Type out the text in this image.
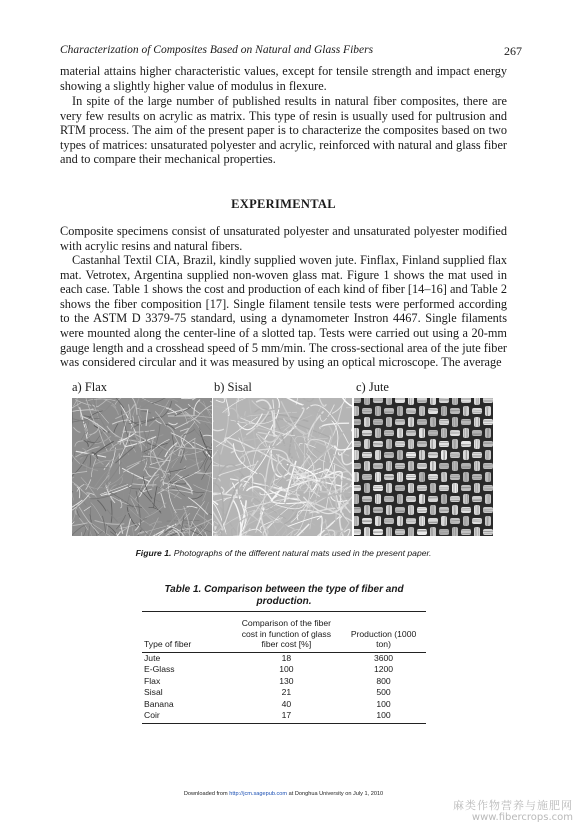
Characterization of Composites Based on Natural and Glass Fibers	267

material attains higher characteristic values, except for tensile strength and impact energy showing a slightly higher value of modulus in flexure.

In spite of the large number of published results in natural fiber composites, there are very few results on acrylic as matrix. This type of resin is usually used for pultrusion and RTM process. The aim of the present paper is to characterize the composites based on two types of matrices: unsaturated polyester and acrylic, reinforced with natural and glass fiber and to compare their mechanical properties.

EXPERIMENTAL

Composite specimens consist of unsaturated polyester and unsaturated polyester modified with acrylic resins and natural fibers.

Castanhal Textil CIA, Brazil, kindly supplied woven jute. Finflax, Finland supplied flax mat. Vetrotex, Argentina supplied non-woven glass mat. Figure 1 shows the mat used in each case. Table 1 shows the cost and production of each kind of fiber [14–16] and Table 2 shows the fiber composition [17]. Single filament tensile tests were performed according to the ASTM D 3379-75 standard, using a dynamometer Instron 4467. Single filaments were mounted along the center-line of a slotted tap. Tests were carried out using a 20-mm gauge length and a crosshead speed of 5 mm/min. The cross-sectional area of the jute fiber was considered circular and it was measured by using an optical microscope. The average

a) Flax	b) Sisal	c) Jute
Figure 1. Photographs of the different natural mats used in the present paper.
Table 1. Comparison between the type of fiber and production.
Type of fiber	Comparison of the fiber cost in function of glass fiber cost [%]	Production (1000 ton)
Jute	18	3600
E-Glass	100	1200
Flax	130	800
Sisal	21	500
Banana	40	100
Coir	17	100
Downloaded from http://jcm.sagepub.com at Donghua University on July 1, 2010
麻类作物营养与施肥网
www.fibercrops.com
